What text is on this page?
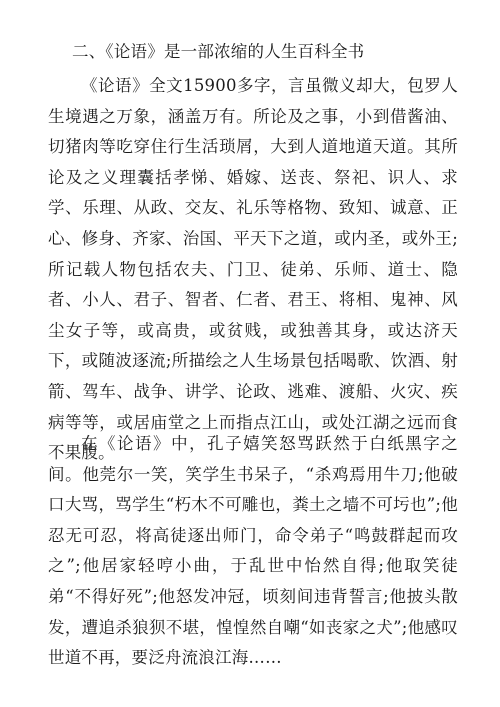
二、《论语》是一部浓缩的人生百科全书

《论语》全文15900多字，言虽微义却大，包罗人生境遇之万象，涵盖万有。所论及之事，小到借酱油、切猪肉等吃穿住行生活琐屑，大到人道地道天道。其所论及之义理囊括孝悌、婚嫁、送丧、祭祀、识人、求学、乐理、从政、交友、礼乐等格物、致知、诚意、正心、修身、齐家、治国、平天下之道，或内圣，或外王;所记载人物包括农夫、门卫、徒弟、乐师、道士、隐者、小人、君子、智者、仁者、君王、将相、鬼神、风尘女子等，或高贵，或贫贱，或独善其身，或达济天下，或随波逐流;所描绘之人生场景包括喝歌、饮酒、射箭、驾车、战争、讲学、论政、逃难、渡船、火灾、疾病等等，或居庙堂之上而指点江山，或处江湖之远而食不果腹。

在《论语》中，孔子嬉笑怒骂跃然于白纸黑字之间。他莞尔一笑，笑学生书呆子，“杀鸡焉用牛刀;他破口大骂，骂学生“朽木不可雕也，粪土之墙不可圬也”;他忍无可忍，将高徒逐出师门，命令弟子“鸣鼓群起而攻之”;他居家轻哼小曲，于乱世中怡然自得;他取笑徒弟“不得好死”;他怒发冲冠，顷刻间违背誓言;他披头散发，遭追杀狼狈不堪，惶惶然自嘲“如丧家之犬”;他感叹世道不再，要泛舟流浪江海……
